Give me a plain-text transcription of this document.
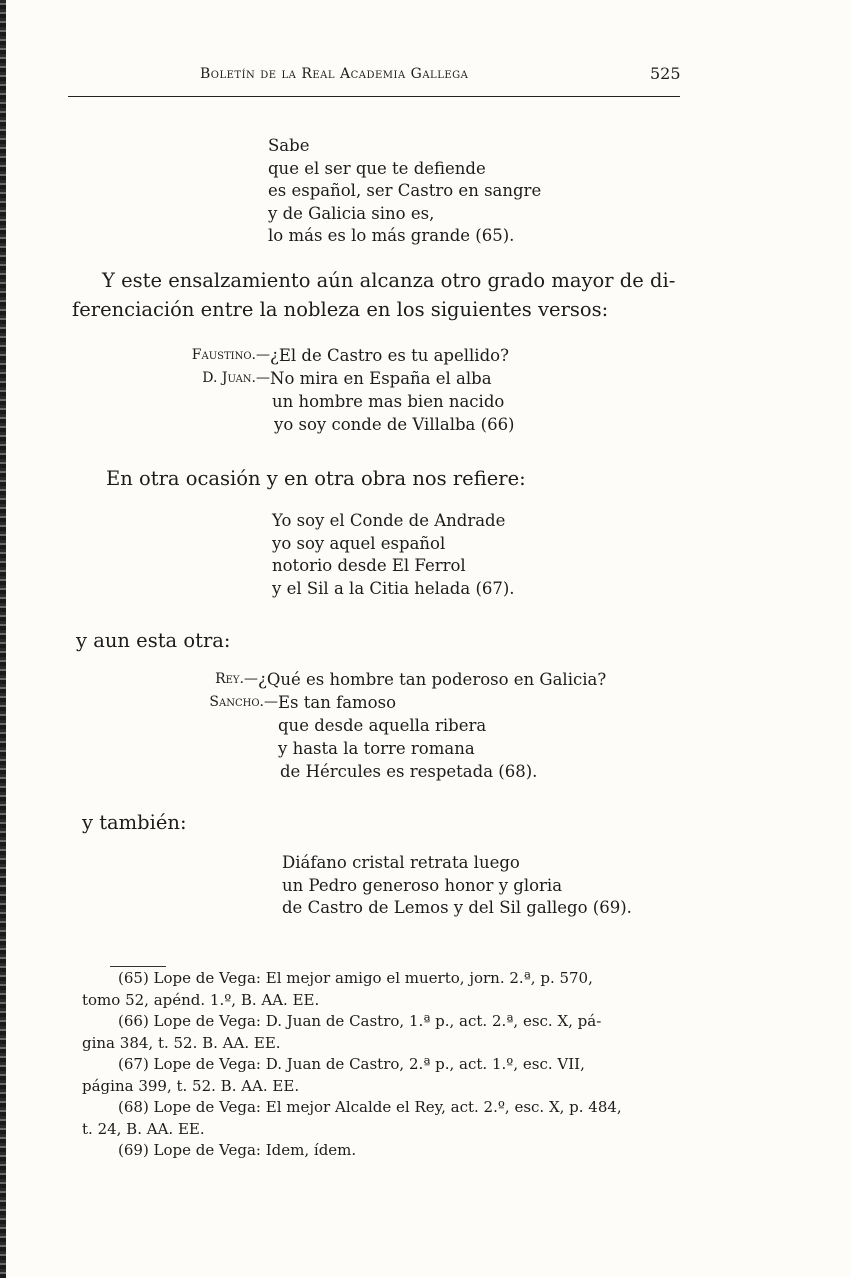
Boletín de la Real Academia Gallega	525
Sabe
que el ser que te defiende
es español, ser Castro en sangre
y de Galicia sino es,
lo más es lo más grande (65).
Y este ensalzamiento aún alcanza otro grado mayor de di-
ferenciación entre la nobleza en los siguientes versos:
Faustino.— ¿El de Castro es tu apellido?
D. Juan.— No mira en España el alba
un hombre mas bien nacido
yo soy conde de Villalba (66)
En otra ocasión y en otra obra nos refiere:
Yo soy el Conde de Andrade
yo soy aquel español
notorio desde El Ferrol
y el Sil a la Citia helada (67).
y aun esta otra:
Rey.— ¿Qué es hombre tan poderoso en Galicia?
Sancho.— Es tan famoso
que desde aquella ribera
y hasta la torre romana
de Hércules es respetada (68).
y también:
Diáfano cristal retrata luego
un Pedro generoso honor y gloria
de Castro de Lemos y del Sil gallego (69).
(65) Lope de Vega: El mejor amigo el muerto, jorn. 2.ª, p. 570,
tomo 52, apénd. 1.º, B. AA. EE.
(66) Lope de Vega: D. Juan de Castro, 1.ª p., act. 2.ª, esc. X, pá-
gina 384, t. 52. B. AA. EE.
(67) Lope de Vega: D. Juan de Castro, 2.ª p., act. 1.º, esc. VII,
página 399, t. 52. B. AA. EE.
(68) Lope de Vega: El mejor Alcalde el Rey, act. 2.º, esc. X, p. 484,
t. 24, B. AA. EE.
(69) Lope de Vega: Idem, ídem.
